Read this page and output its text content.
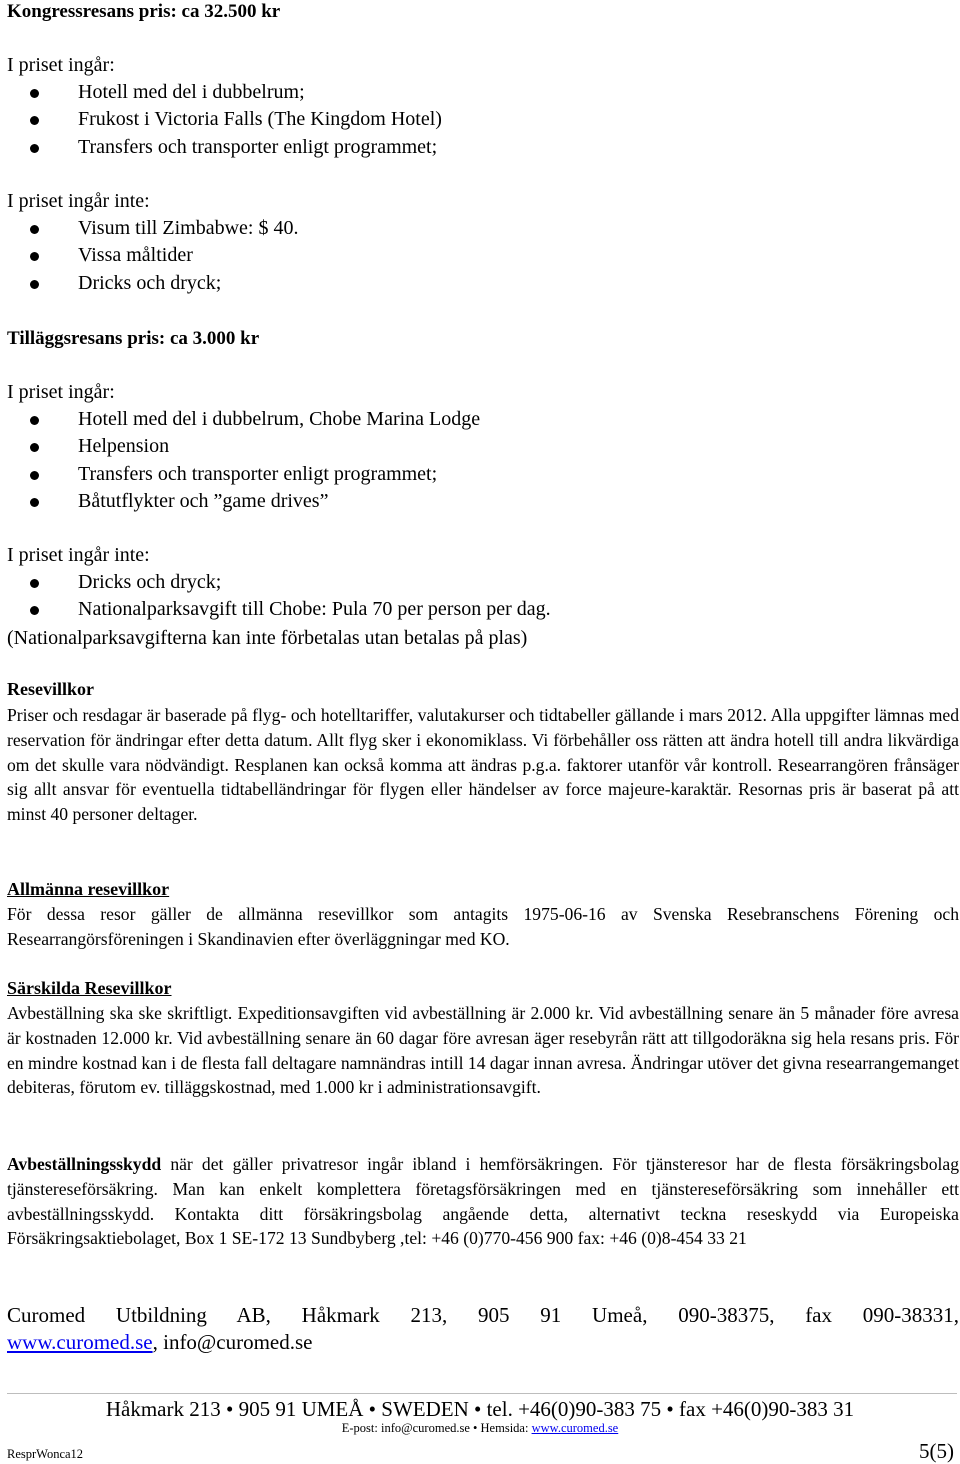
Kongressresans pris: ca 32.500 kr
I priset ingår:
Hotell med del i dubbelrum;
Frukost i Victoria Falls (The Kingdom Hotel)
Transfers och transporter enligt programmet;
I priset ingår inte:
Visum till Zimbabwe: $ 40.
Vissa måltider
Dricks och dryck;
Tilläggsresans pris: ca 3.000 kr
I priset ingår:
Hotell med del i dubbelrum, Chobe Marina Lodge
Helpension
Transfers och transporter enligt programmet;
Båtutflykter och ”game drives”
I priset ingår inte:
Dricks och dryck;
Nationalparksavgift till Chobe: Pula 70 per person per dag.
(Nationalparksavgifterna kan inte förbetalas utan betalas på plas)
Resevillkor

Priser och resdagar är baserade på flyg- och hotelltariffer, valutakurser och tidtabeller gällande i mars 2012. Alla uppgifter lämnas med reservation för ändringar efter detta datum. Allt flyg sker i ekonomiklass. Vi förbehåller oss rätten att ändra hotell till andra likvärdiga om det skulle vara nödvändigt. Resplanen kan också komma att ändras p.g.a. faktorer utanför vår kontroll. Researrangören frånsäger sig allt ansvar för eventuella tidtabelländringar för flygen eller händelser av force majeure-karaktär. Resornas pris är baserat på att minst 40 personer deltager.

Allmänna resevillkor

För dessa resor gäller de allmänna resevillkor som antagits 1975-06-16 av Svenska Resebranschens Förening och Researrangörsföreningen i Skandinavien efter överläggningar med KO.

Särskilda Resevillkor

Avbeställning ska ske skriftligt. Expeditionsavgiften vid avbeställning är 2.000 kr. Vid avbeställning senare än 5 månader före avresa är kostnaden 12.000 kr. Vid avbeställning senare än 60 dagar före avresan äger resebyrån rätt att tillgodoräkna sig hela resans pris. För en mindre kostnad kan i de flesta fall deltagare namnändras intill 14 dagar innan avresa. Ändringar utöver det givna researrangemanget debiteras, förutom ev. tilläggskostnad, med 1.000 kr i administrationsavgift.

Avbeställningsskydd när det gäller privatresor ingår ibland i hemförsäkringen. För tjänsteresor har de flesta försäkringsbolag tjänstereseförsäkring. Man kan enkelt komplettera företagsförsäkringen med en tjänstereseförsäkring som innehåller ett avbeställningsskydd. Kontakta ditt försäkringsbolag angående detta, alternativt teckna reseskydd via Europeiska Försäkringsaktiebolaget, Box 1 SE-172 13 Sundbyberg ,tel: +46 (0)770-456 900 fax: +46 (0)8-454 33 21

Curomed Utbildning AB, Håkmark 213, 905 91 Umeå, 090-38375, fax 090-38331,
www.curomed.se, info@curomed.se
Håkmark 213 • 905 91 UMEÅ • SWEDEN • tel. +46(0)90-383 75 • fax +46(0)90-383 31
E-post: info@curomed.se • Hemsida: www.curomed.se
ResprWonca12	5(5)
